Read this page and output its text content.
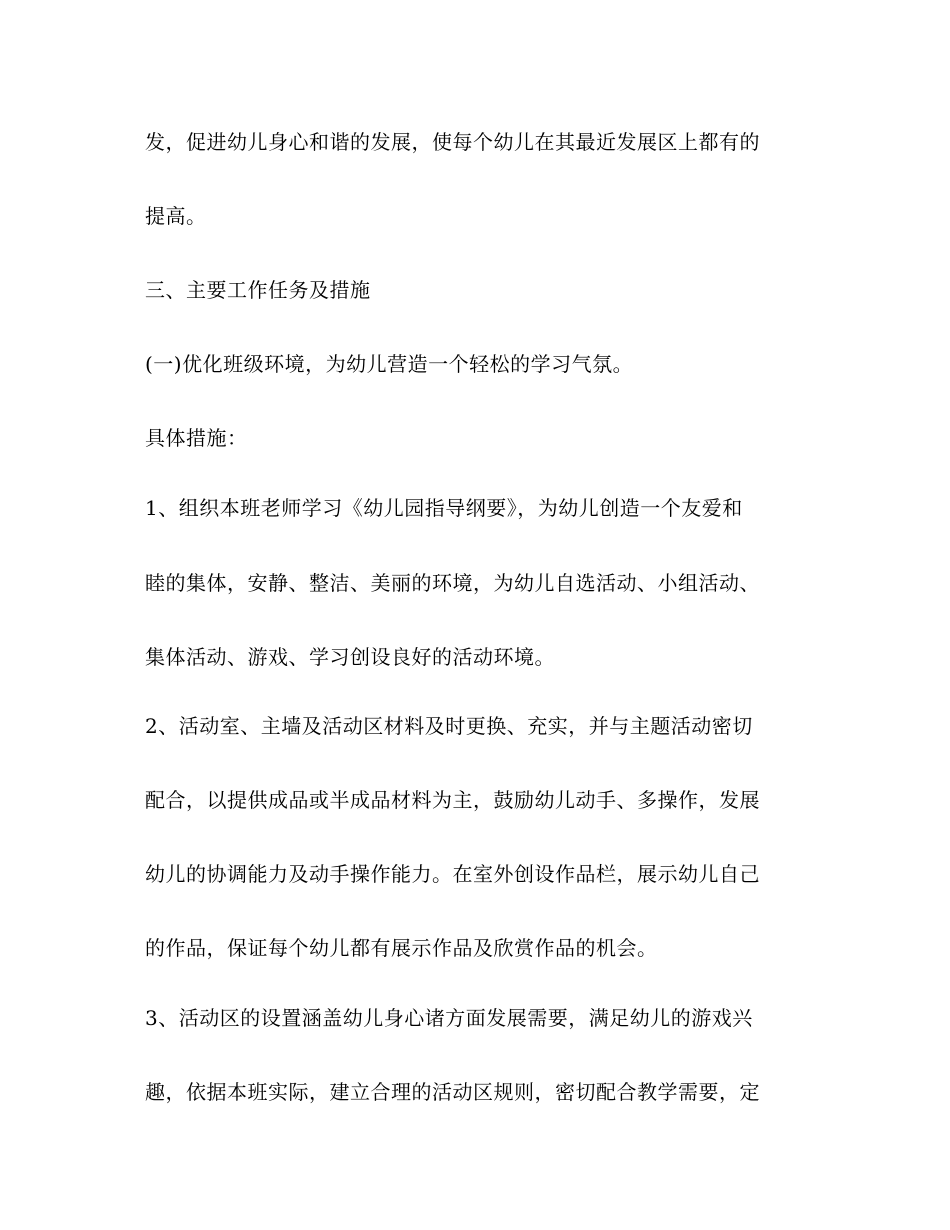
发，促进幼儿身心和谐的发展，使每个幼儿在其最近发展区上都有的
提高。
三、主要工作任务及措施
(一)优化班级环境，为幼儿营造一个轻松的学习气氛。
具体措施：
1、组织本班老师学习《幼儿园指导纲要》，为幼儿创造一个友爱和
睦的集体，安静、整洁、美丽的环境，为幼儿自选活动、小组活动、
集体活动、游戏、学习创设良好的活动环境。
2、活动室、主墙及活动区材料及时更换、充实，并与主题活动密切
配合，以提供成品或半成品材料为主，鼓励幼儿动手、多操作，发展
幼儿的协调能力及动手操作能力。在室外创设作品栏，展示幼儿自己
的作品，保证每个幼儿都有展示作品及欣赏作品的机会。
3、活动区的设置涵盖幼儿身心诸方面发展需要，满足幼儿的游戏兴
趣，依据本班实际，建立合理的活动区规则，密切配合教学需要，定
